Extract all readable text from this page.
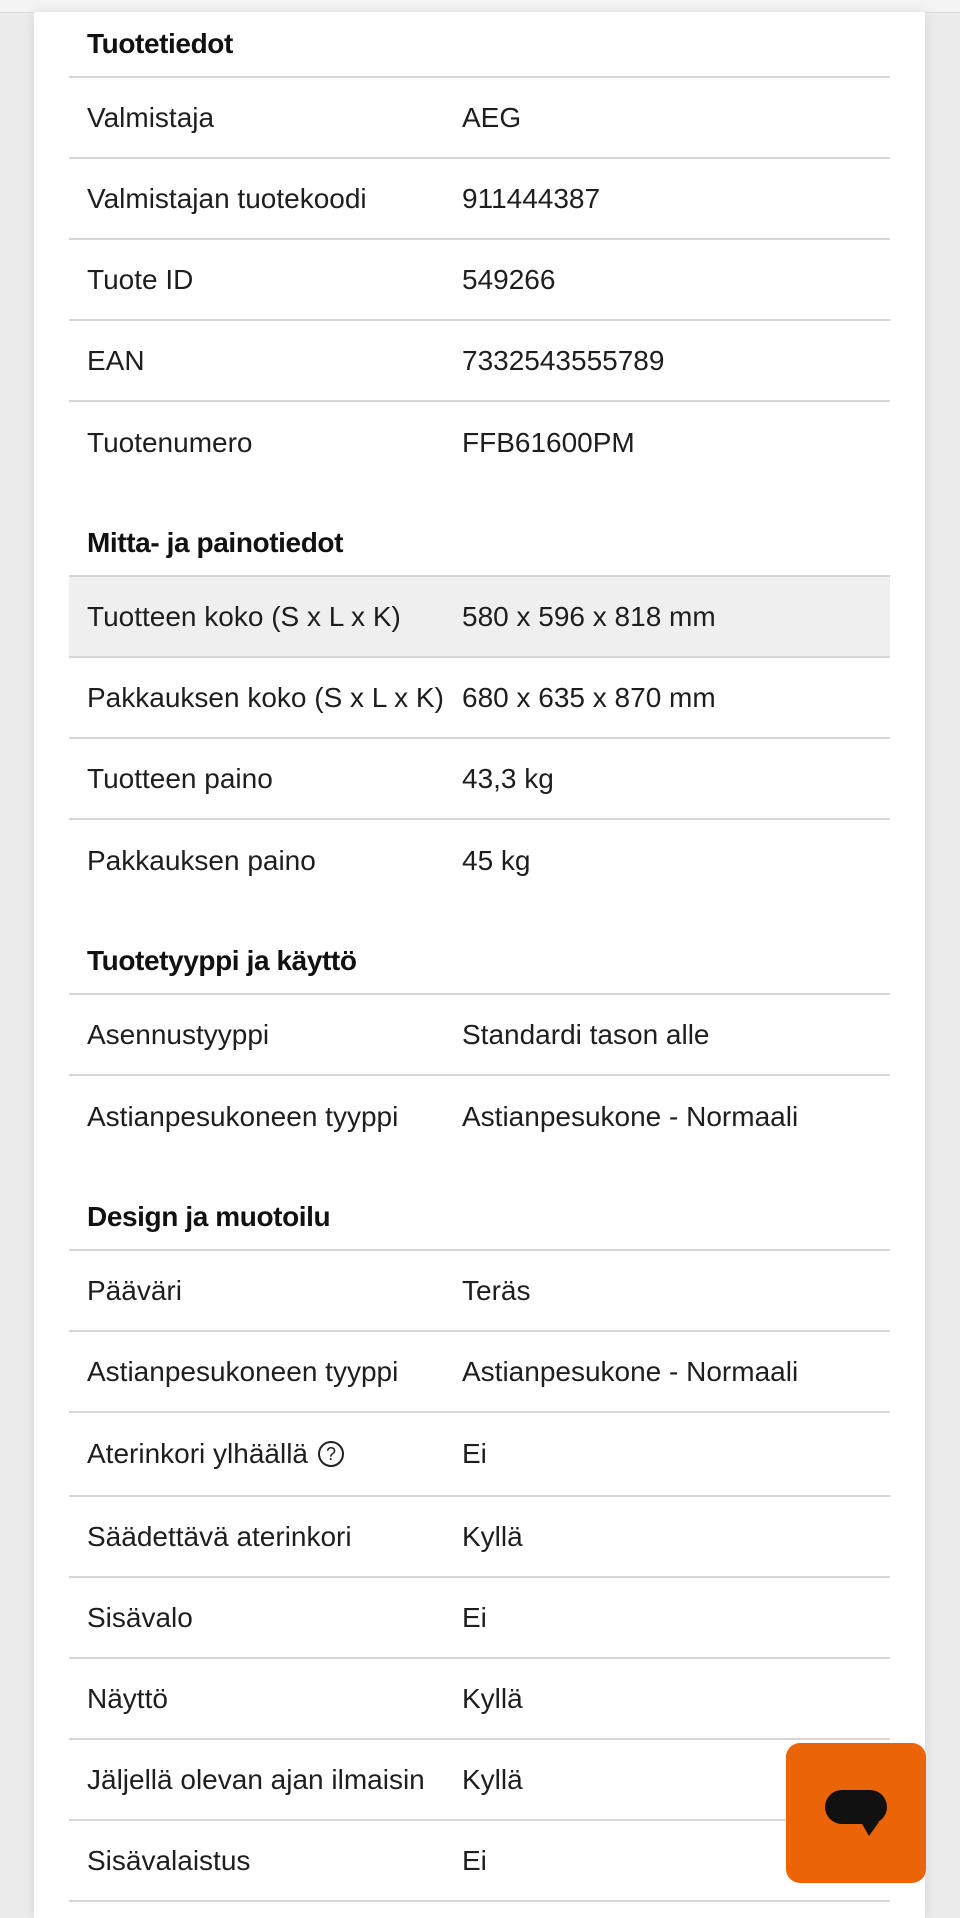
Tuotetiedot
Valmistaja	AEG
Valmistajan tuotekoodi	911444387
Tuote ID	549266
EAN	7332543555789
Tuotenumero	FFB61600PM
Mitta- ja painotiedot
Tuotteen koko (S x L x K)	580 x 596 x 818 mm
Pakkauksen koko (S x L x K) 680 x 635 x 870 mm
Tuotteen paino	43,3 kg
Pakkauksen paino	45 kg
Tuotetyyppi ja käyttö
Asennustyyppi	Standardi tason alle
Astianpesukoneen tyyppi	Astianpesukone - Normaali
Design ja muotoilu
Pääväri	Teräs
Astianpesukoneen tyyppi	Astianpesukone - Normaali
Aterinkori ylhäällä ?	Ei
Säädettävä aterinkori	Kyllä
Sisävalo	Ei
Näyttö	Kyllä
Jäljellä olevan ajan ilmaisin	Kyllä
Sisävalaistus	Ei
